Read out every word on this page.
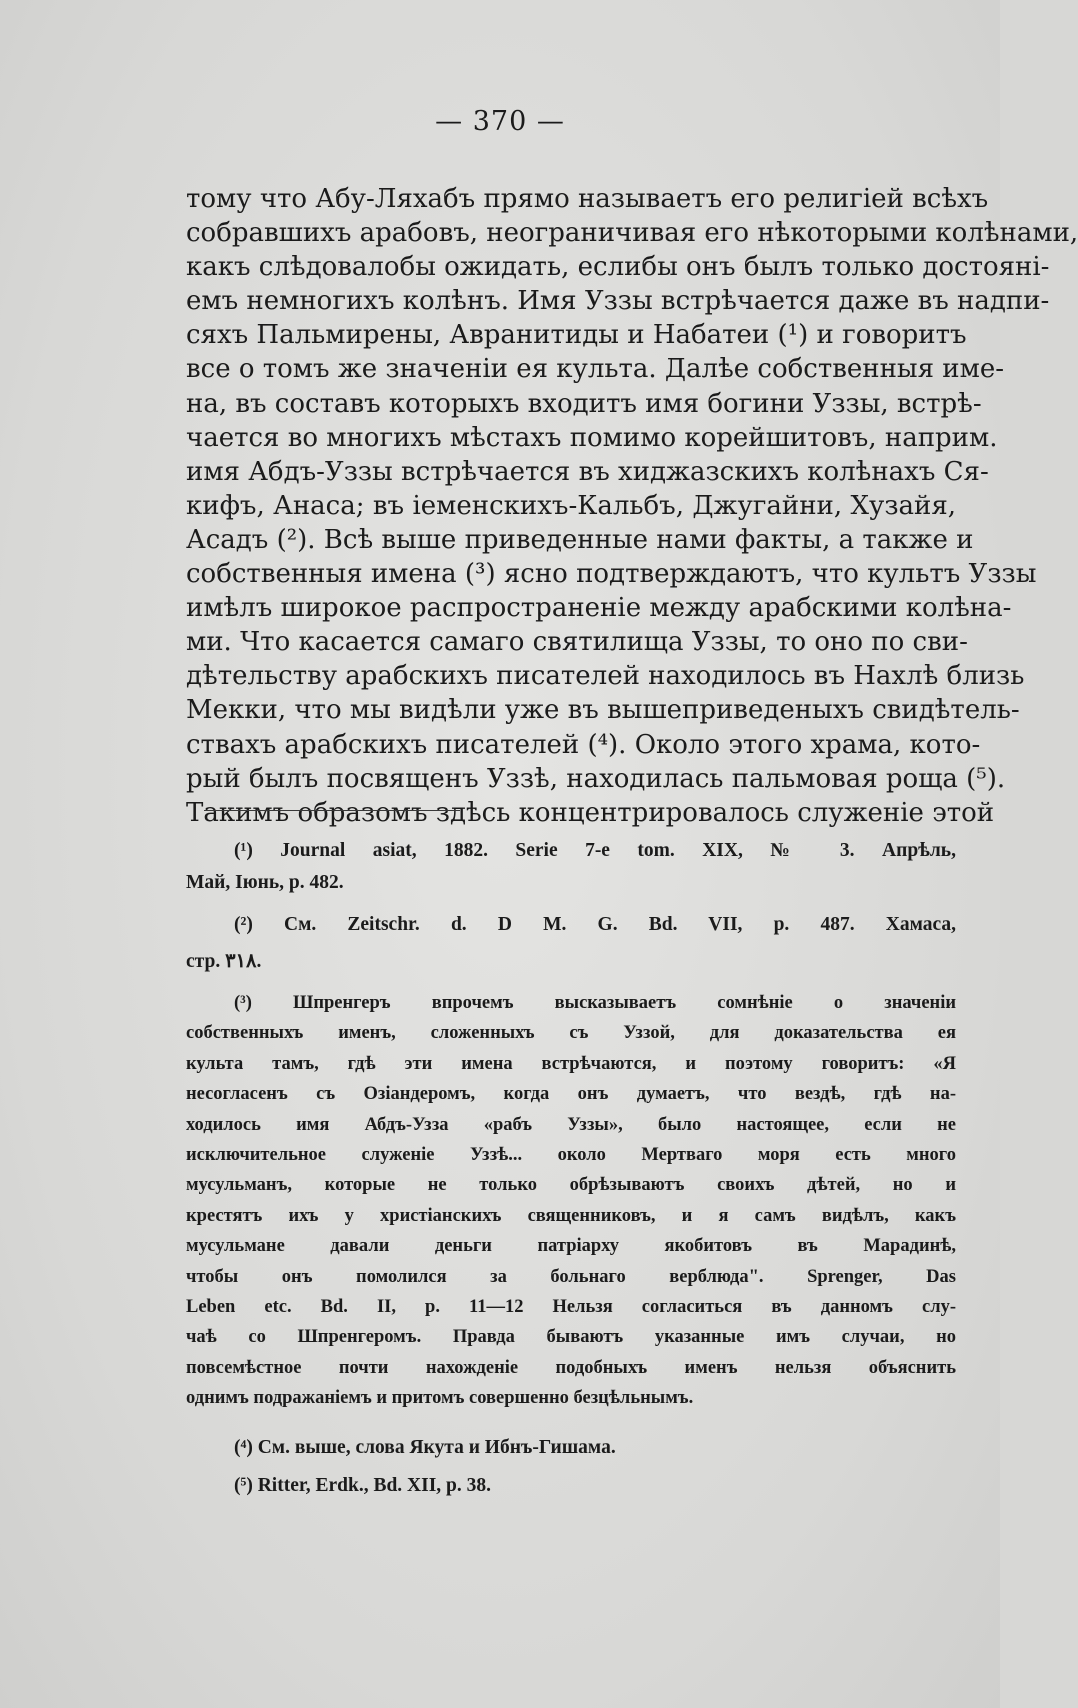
— 370 —
тому что Абу-Ляхабъ прямо называетъ его религiей всѣхъ
собравшихъ арабовъ, неограничивая его нѣкоторыми колѣнами,
какъ слѣдовалобы ожидать, еслибы онъ былъ только достоянi-
емъ немногихъ колѣнъ. Имя Уззы встрѣчается даже въ надпи-
сяхъ Пальмирены, Авранитиды и Набатеи (¹) и говоритъ
все о томъ же значенiи ея культа. Далѣе собственныя име-
на, въ составъ которыхъ входитъ имя богини Уззы, встрѣ-
чается во многихъ мѣстахъ помимо корейшитовъ, наприм.
имя Абдъ-Уззы встрѣчается въ хиджазскихъ колѣнахъ Ся-
кифъ, Анаса; въ iеменскихъ-Кальбъ, Джугайни, Хузайя,
Асадъ (²). Всѣ выше приведенные нами факты, а также и
собственныя имена (³) ясно подтверждаютъ, что культъ Уззы
имѣлъ широкое распространенiе между арабскими колѣна-
ми. Что касается самаго святилища Уззы, то оно по сви-
дѣтельству арабскихъ писателей находилось въ Нахлѣ близь
Мекки, что мы видѣли уже въ вышеприведеныхъ свидѣтель-
ствахъ арабскихъ писателей (⁴). Около этого храма, кото-
рый былъ посвященъ Уззѣ, находилась пальмовая роща (⁵).
Такимъ образомъ здѣсь концентрировалось служенiе этой
(¹) Journal asiat, 1882. Serie 7-e tom. XIX, № 3. Апрѣль,
Май, Iюнь, p. 482.
(²) См. Zeitschr. d. D M. G. Bd. VII, p. 487. Хамаса,
стр. ٣١٨.
(³) Шпренгеръ впрочемъ высказываетъ сомнѣнiе о значенiи
собственныхъ именъ, сложенныхъ съ Уззой, для доказательства ея
культа тамъ, гдѣ эти имена встрѣчаются, и поэтому говоритъ: «Я
несогласенъ съ Озiандеромъ, когда онъ думаетъ, что вездѣ, гдѣ на-
ходилось имя Абдъ-Узза «рабъ Уззы», было настоящее, если не
исключительное служенiе Уззѣ... около Мертваго моря есть много
мусульманъ, которые не только обрѣзываютъ своихъ дѣтей, но и
крестятъ ихъ у христiанскихъ священниковъ, и я самъ видѣлъ, какъ
мусульмане давали деньги патрiарху якобитовъ въ Марадинѣ,
чтобы онъ помолился за больнаго верблюда". Sprenger, Das
Leben etc. Bd. II, p. 11—12 Нельзя согласиться въ данномъ слу-
чаѣ со Шпренгеромъ. Правда бываютъ указанные имъ случаи, но
повсемѣстное почти нахожденiе подобныхъ именъ нельзя объяснить
однимъ подражанiемъ и притомъ совершенно безцѣльнымъ.
(⁴) См. выше, слова Якута и Ибнъ-Гишама.
(⁵) Ritter, Erdk., Bd. XII, p. 38.
